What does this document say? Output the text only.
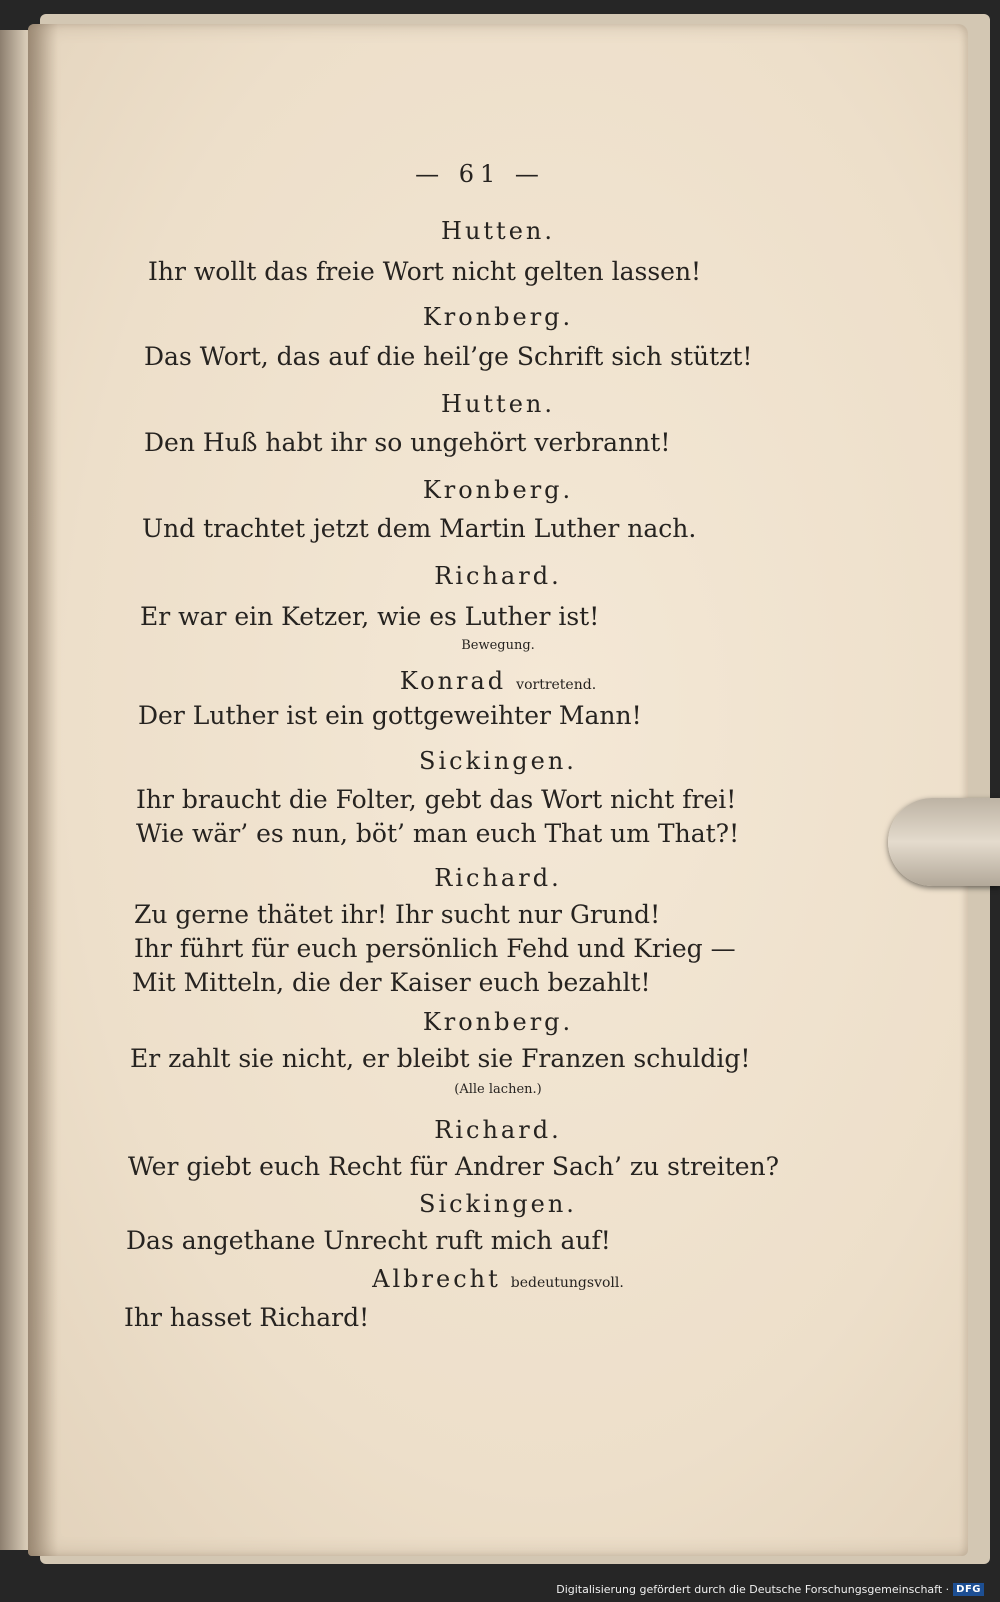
— 61 —
Hutten.
Ihr wollt das freie Wort nicht gelten lassen!
Kronberg.
Das Wort, das auf die heil’ge Schrift sich stützt!
Hutten.
Den Huß habt ihr so ungehört verbrannt!
Kronberg.
Und trachtet jetzt dem Martin Luther nach.
Richard.
Er war ein Ketzer, wie es Luther ist!
Bewegung.
Konrad vortretend.
Der Luther ist ein gottgeweihter Mann!
Sickingen.
Ihr braucht die Folter, gebt das Wort nicht frei!
Wie wär’ es nun, böt’ man euch That um That?!
Richard.
Zu gerne thätet ihr! Ihr sucht nur Grund!
Ihr führt für euch persönlich Fehd und Krieg —
Mit Mitteln, die der Kaiser euch bezahlt!
Kronberg.
Er zahlt sie nicht, er bleibt sie Franzen schuldig!
(Alle lachen.)
Richard.
Wer giebt euch Recht für Andrer Sach’ zu streiten?
Sickingen.
Das angethane Unrecht ruft mich auf!
Albrecht bedeutungsvoll.
Ihr hasset Richard!
Digitalisierung gefördert durch die Deutsche Forschungsgemeinschaft · DFG
